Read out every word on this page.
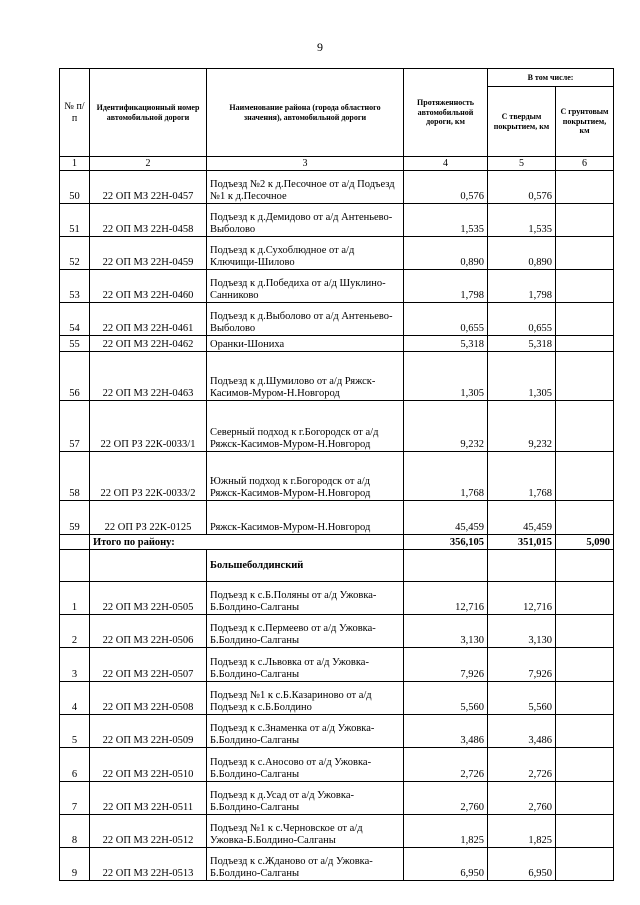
9
№ п/п	Идентификационный номер автомобильной дороги	Наименование района (города областного значения), автомобильной дороги	Протяженность автомобильной дороги, км	В том числе:	
				С твердым покрытием, км	С грунтовым покрытием, км
1	2	3	4	5	6
50	22 ОП МЗ 22Н-0457	Подъезд №2 к д.Песочное от а/д Подъезд №1 к д.Песочное	0,576	0,576	
51	22 ОП МЗ 22Н-0458	Подъезд к д.Демидово от а/д Антеньево-Выболово	1,535	1,535	
52	22 ОП МЗ 22Н-0459	Подъезд к д.Сухоблюдное от а/д Ключищи-Шилово	0,890	0,890	
53	22 ОП МЗ 22Н-0460	Подъезд к д.Победиха от а/д Шуклино-Санниково	1,798	1,798	
54	22 ОП МЗ 22Н-0461	Подъезд к д.Выболово от а/д Антеньево-Выболово	0,655	0,655	
55	22 ОП МЗ 22Н-0462	Оранки-Шониха	5,318	5,318	
56	22 ОП МЗ 22Н-0463	Подъезд к д.Шумилово от а/д Ряжск-Касимов-Муром-Н.Новгород	1,305	1,305	
57	22 ОП РЗ 22К-0033/1	Северный подход к г.Богородск от а/д Ряжск-Касимов-Муром-Н.Новгород	9,232	9,232	
58	22 ОП РЗ 22К-0033/2	Южный подход к г.Богородск от а/д Ряжск-Касимов-Муром-Н.Новгород	1,768	1,768	
59	22 ОП РЗ 22К-0125	Ряжск-Касимов-Муром-Н.Новгород	45,459	45,459	
	Итого по району:		356,105	351,015	5,090
		Большеболдинский			
1	22 ОП МЗ 22Н-0505	Подъезд к с.Б.Поляны от а/д Ужовка-Б.Болдино-Салганы	12,716	12,716	
2	22 ОП МЗ 22Н-0506	Подъезд к с.Пермеево от а/д Ужовка-Б.Болдино-Салганы	3,130	3,130	
3	22 ОП МЗ 22Н-0507	Подъезд к с.Львовка от а/д Ужовка-Б.Болдино-Салганы	7,926	7,926	
4	22 ОП МЗ 22Н-0508	Подъезд №1 к с.Б.Казариново от а/д Подъезд к с.Б.Болдино	5,560	5,560	
5	22 ОП МЗ 22Н-0509	Подъезд к с.Знаменка от а/д Ужовка-Б.Болдино-Салганы	3,486	3,486	
6	22 ОП МЗ 22Н-0510	Подъезд к с.Аносово от а/д Ужовка-Б.Болдино-Салганы	2,726	2,726	
7	22 ОП МЗ 22Н-0511	Подъезд к д.Усад от а/д Ужовка-Б.Болдино-Салганы	2,760	2,760	
8	22 ОП МЗ 22Н-0512	Подъезд №1 к с.Черновское от а/д Ужовка-Б.Болдино-Салганы	1,825	1,825	
9	22 ОП МЗ 22Н-0513	Подъезд к с.Жданово от а/д Ужовка-Б.Болдино-Салганы	6,950	6,950	
